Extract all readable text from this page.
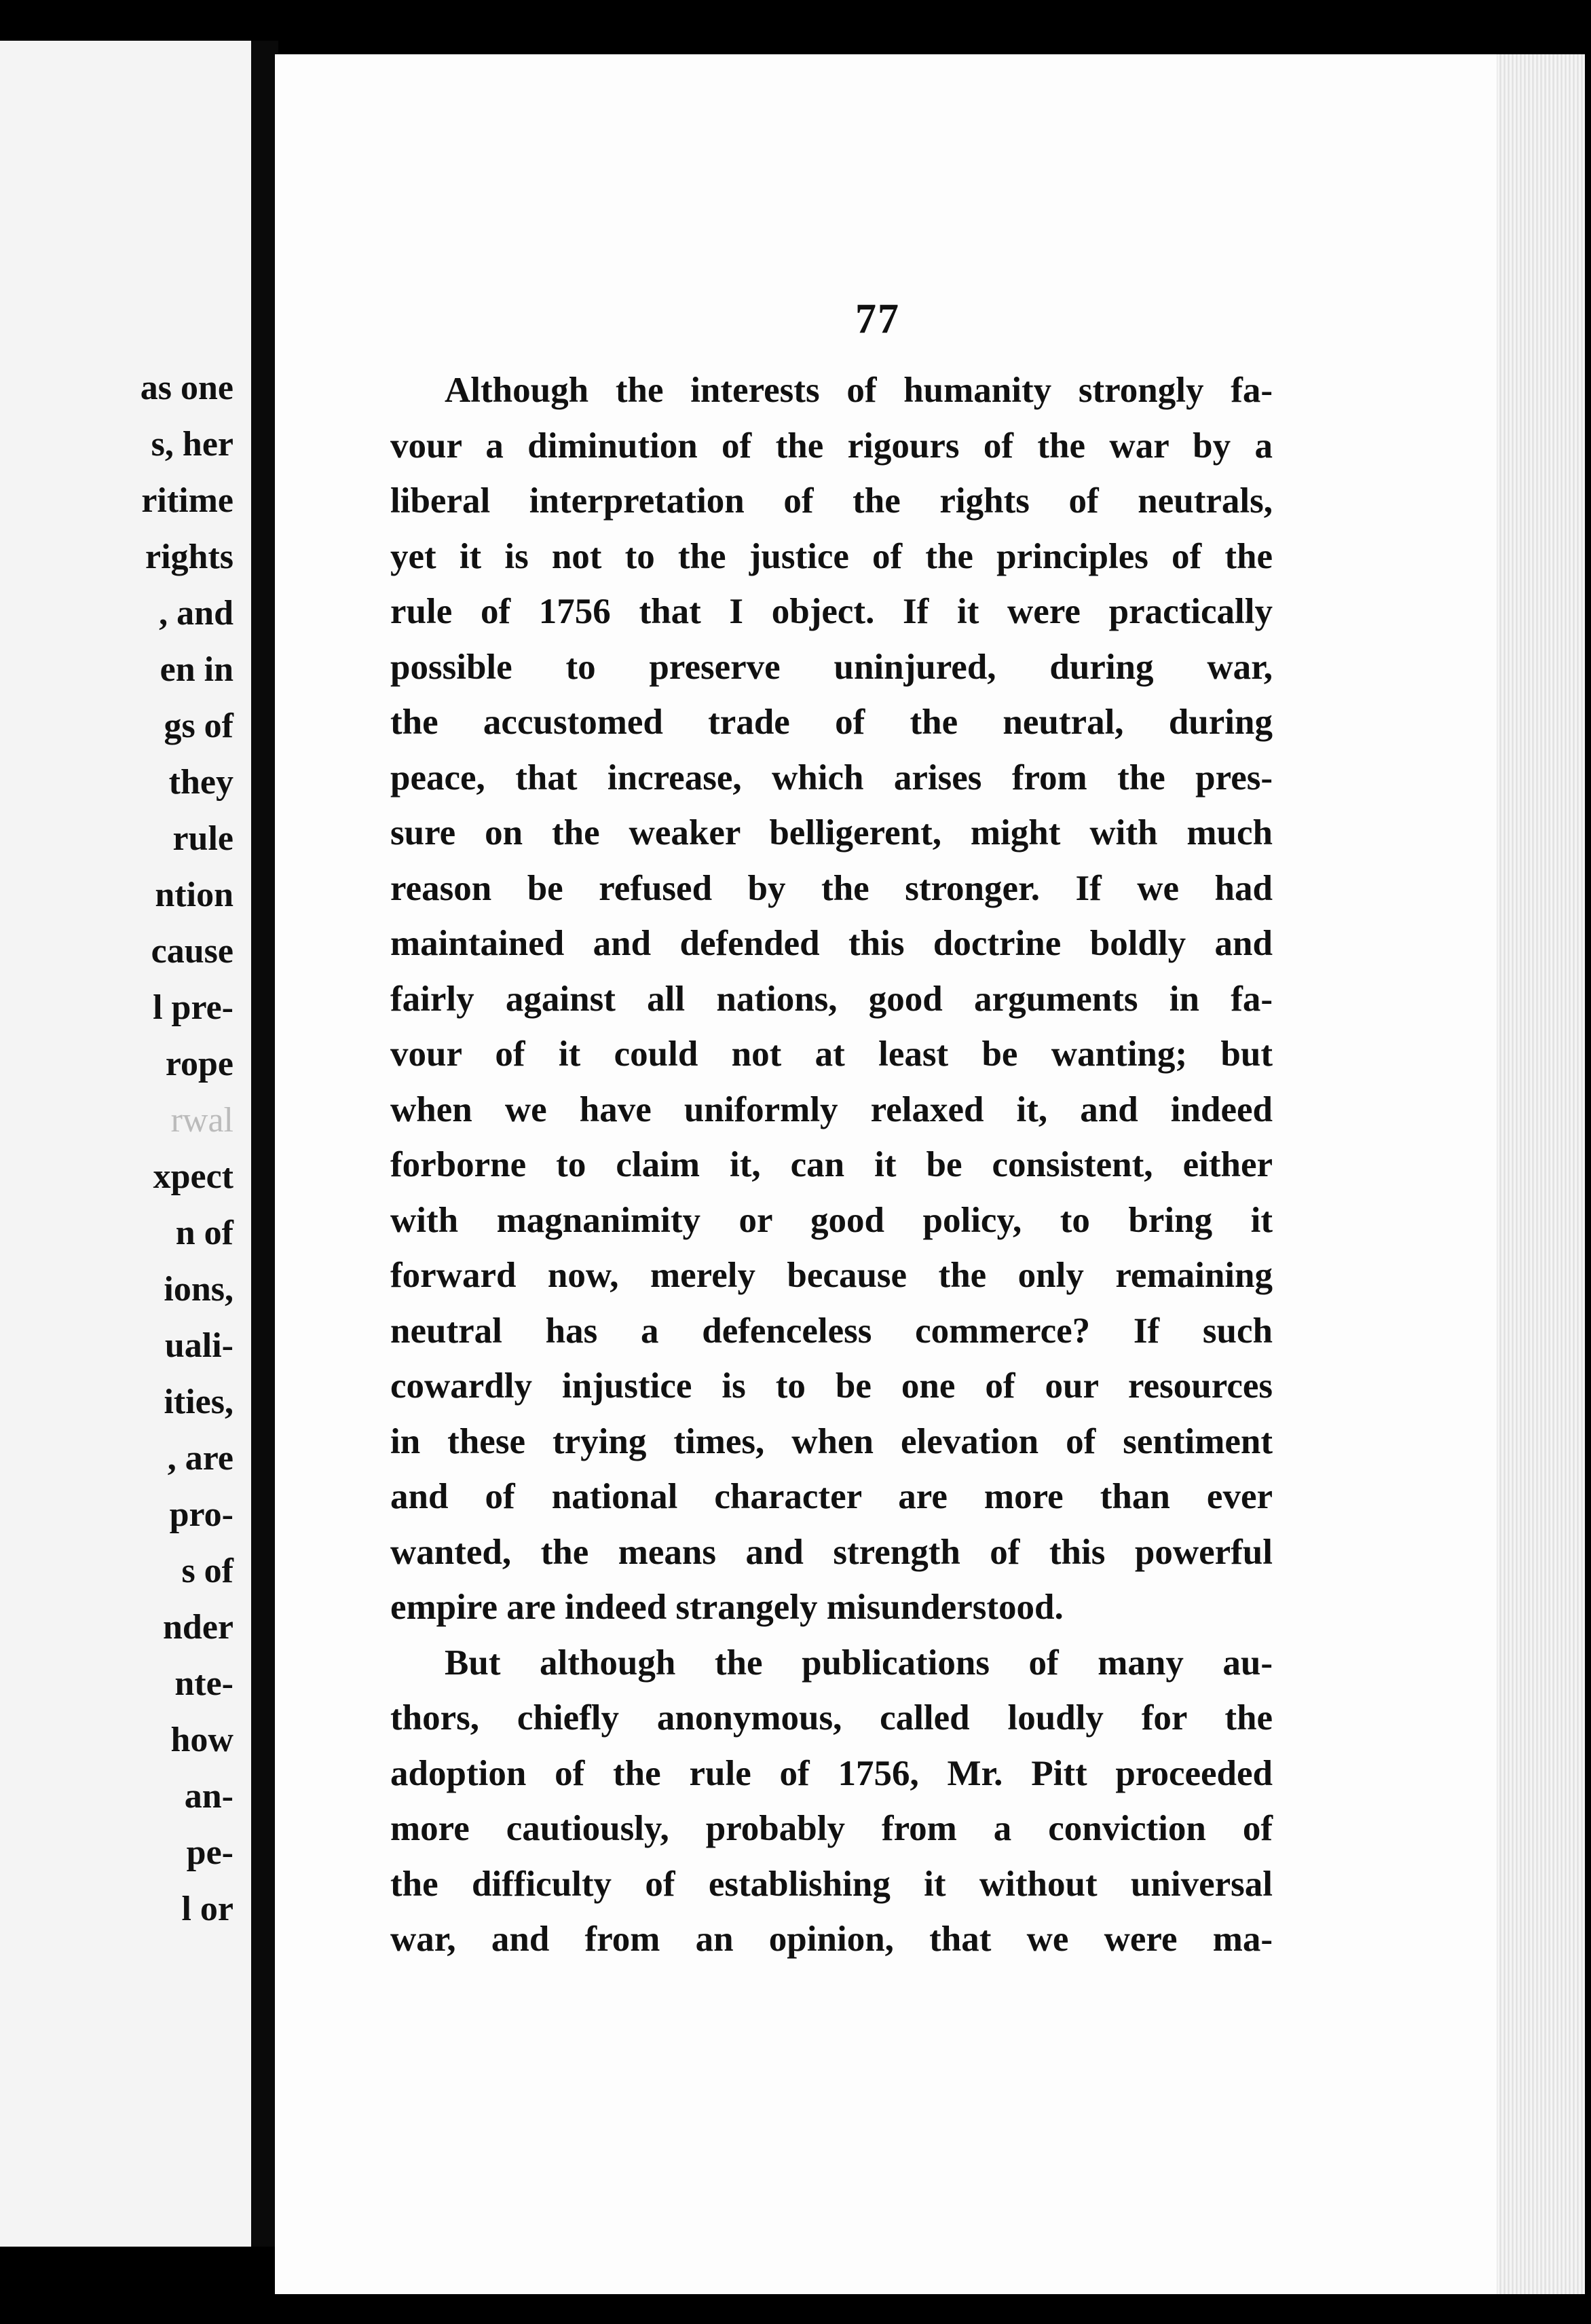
as one
s, her
ritime
rights
, and
en in
gs of
they
rule
ntion
cause
l pre-
rope
rwal
xpect
n of
ions,
uali-
ities,
, are
pro-
s of
nder
nte-
how
an-
pe-
l or
77
Although the interests of humanity strongly fa-
vour a diminution of the rigours of the war by a
liberal interpretation of the rights of neutrals,
yet it is not to the justice of the principles of the
rule of 1756 that I object. If it were practically
possible to preserve uninjured, during war,
the accustomed trade of the neutral, during
peace, that increase, which arises from the pres-
sure on the weaker belligerent, might with much
reason be refused by the stronger. If we had
maintained and defended this doctrine boldly and
fairly against all nations, good arguments in fa-
vour of it could not at least be wanting; but
when we have uniformly relaxed it, and indeed
forborne to claim it, can it be consistent, either
with magnanimity or good policy, to bring it
forward now, merely because the only remaining
neutral has a defenceless commerce? If such
cowardly injustice is to be one of our resources
in these trying times, when elevation of sentiment
and of national character are more than ever
wanted, the means and strength of this powerful
empire are indeed strangely misunderstood.
But although the publications of many au-
thors, chiefly anonymous, called loudly for the
adoption of the rule of 1756, Mr. Pitt proceeded
more cautiously, probably from a conviction of
the difficulty of establishing it without universal
war, and from an opinion, that we were ma-
